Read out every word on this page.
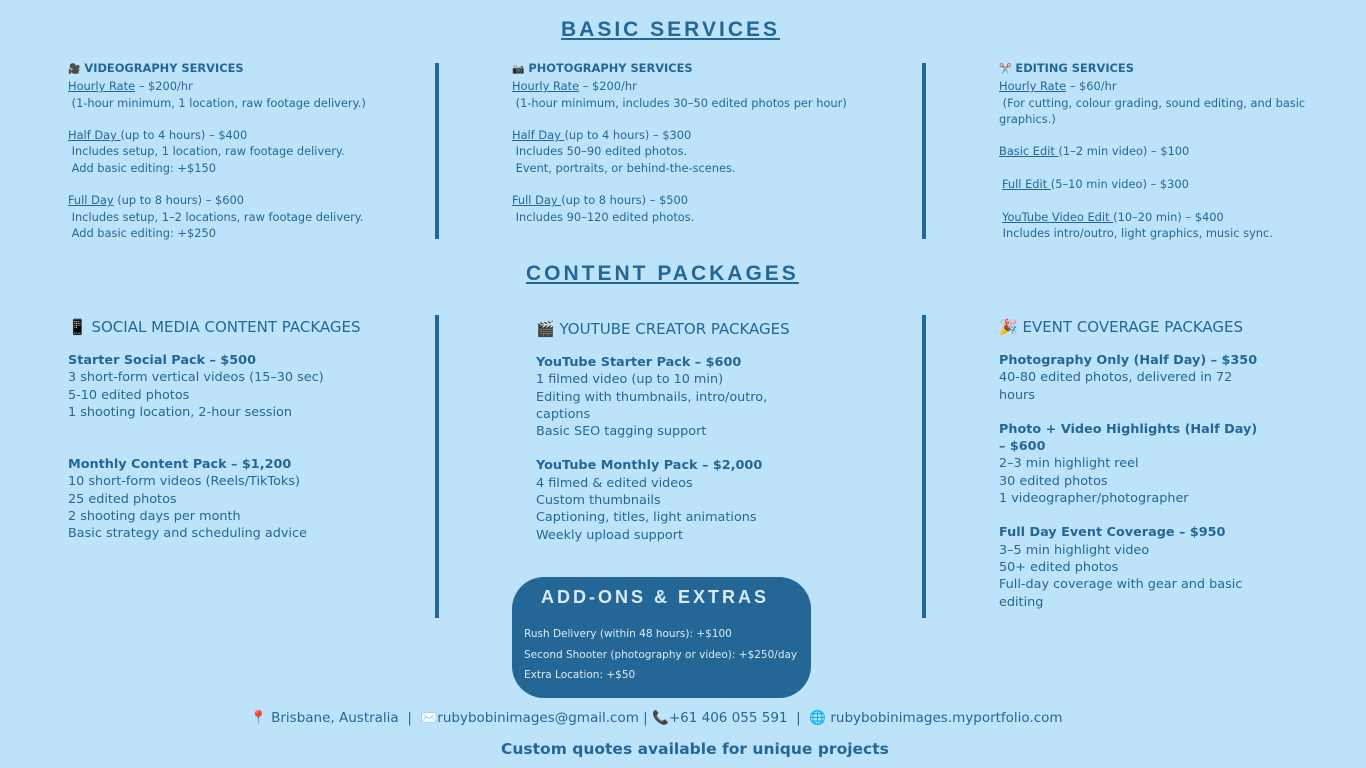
BASIC SERVICES
🎥 VIDEOGRAPHY SERVICES
Hourly Rate – $200/hr
(1-hour minimum, 1 location, raw footage delivery.)
Half Day (up to 4 hours) – $400
Includes setup, 1 location, raw footage delivery.
Add basic editing: +$150
Full Day (up to 8 hours) – $600
Includes setup, 1–2 locations, raw footage delivery.
Add basic editing: +$250
📷 PHOTOGRAPHY SERVICES
Hourly Rate – $200/hr
(1-hour minimum, includes 30–50 edited photos per hour)
Half Day (up to 4 hours) – $300
Includes 50–90 edited photos.
Event, portraits, or behind-the-scenes.
Full Day (up to 8 hours) – $500
Includes 90–120 edited photos.
✂️ EDITING SERVICES
Hourly Rate – $60/hr
(For cutting, colour grading, sound editing, and basic
graphics.)
Basic Edit (1–2 min video) – $100
Full Edit (5–10 min video) – $300
YouTube Video Edit (10–20 min) – $400
Includes intro/outro, light graphics, music sync.
CONTENT PACKAGES
📱 SOCIAL MEDIA CONTENT PACKAGES
Starter Social Pack – $500
3 short-form vertical videos (15–30 sec)
5-10 edited photos
1 shooting location, 2-hour session
Monthly Content Pack – $1,200
10 short-form videos (Reels/TikToks)
25 edited photos
2 shooting days per month
Basic strategy and scheduling advice
🎬 YOUTUBE CREATOR PACKAGES
YouTube Starter Pack – $600
1 filmed video (up to 10 min)
Editing with thumbnails, intro/outro,
captions
Basic SEO tagging support
YouTube Monthly Pack – $2,000
4 filmed & edited videos
Custom thumbnails
Captioning, titles, light animations
Weekly upload support
🎉 EVENT COVERAGE PACKAGES
Photography Only (Half Day) – $350
40-80 edited photos, delivered in 72
hours
Photo + Video Highlights (Half Day)
– $600
2–3 min highlight reel
30 edited photos
1 videographer/photographer
Full Day Event Coverage – $950
3–5 min highlight video
50+ edited photos
Full-day coverage with gear and basic
editing
ADD-ONS & EXTRAS
Rush Delivery (within 48 hours): +$100
Second Shooter (photography or video): +$250/day
Extra Location: +$50
📍 Brisbane, Australia | ✉️rubybobinimages@gmail.com | 📞+61 406 055 591 | 🌐 rubybobinimages.myportfolio.com
Custom quotes available for unique projects
